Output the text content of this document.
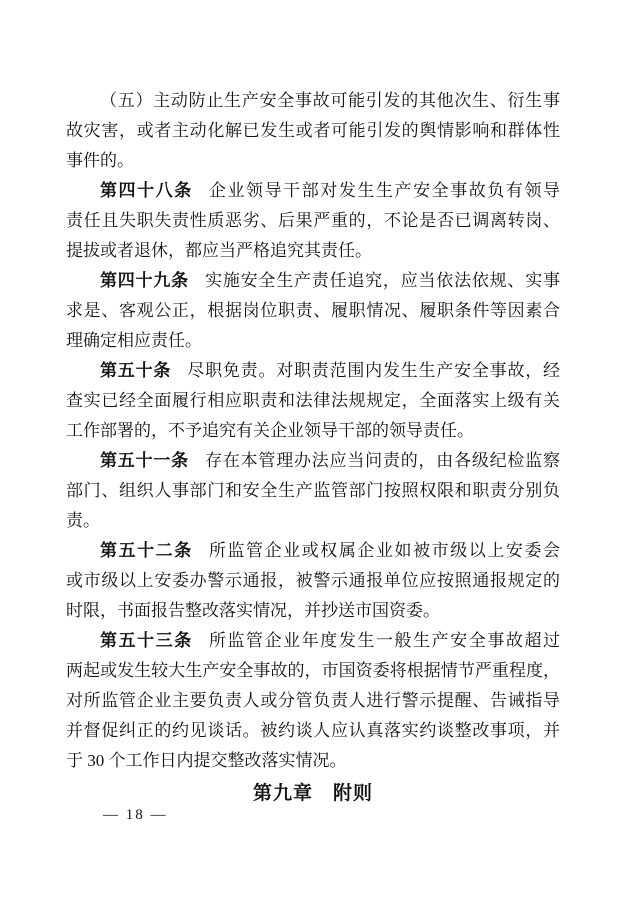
（五）主动防止生产安全事故可能引发的其他次生、衍生事
故灾害，或者主动化解已发生或者可能引发的舆情影响和群体性
事件的。
第四十八条 企业领导干部对发生生产安全事故负有领导
责任且失职失责性质恶劣、后果严重的，不论是否已调离转岗、
提拔或者退休，都应当严格追究其责任。
第四十九条 实施安全生产责任追究，应当依法依规、实事
求是、客观公正，根据岗位职责、履职情况、履职条件等因素合
理确定相应责任。
第五十条 尽职免责。对职责范围内发生生产安全事故，经
查实已经全面履行相应职责和法律法规规定，全面落实上级有关
工作部署的，不予追究有关企业领导干部的领导责任。
第五十一条 存在本管理办法应当问责的，由各级纪检监察
部门、组织人事部门和安全生产监管部门按照权限和职责分别负
责。
第五十二条 所监管企业或权属企业如被市级以上安委会
或市级以上安委办警示通报，被警示通报单位应按照通报规定的
时限，书面报告整改落实情况，并抄送市国资委。
第五十三条 所监管企业年度发生一般生产安全事故超过
两起或发生较大生产安全事故的，市国资委将根据情节严重程度，
对所监管企业主要负责人或分管负责人进行警示提醒、告诫指导
并督促纠正的约见谈话。被约谈人应认真落实约谈整改事项，并
于 30 个工作日内提交整改落实情况。
第九章　附则
— 18 —
